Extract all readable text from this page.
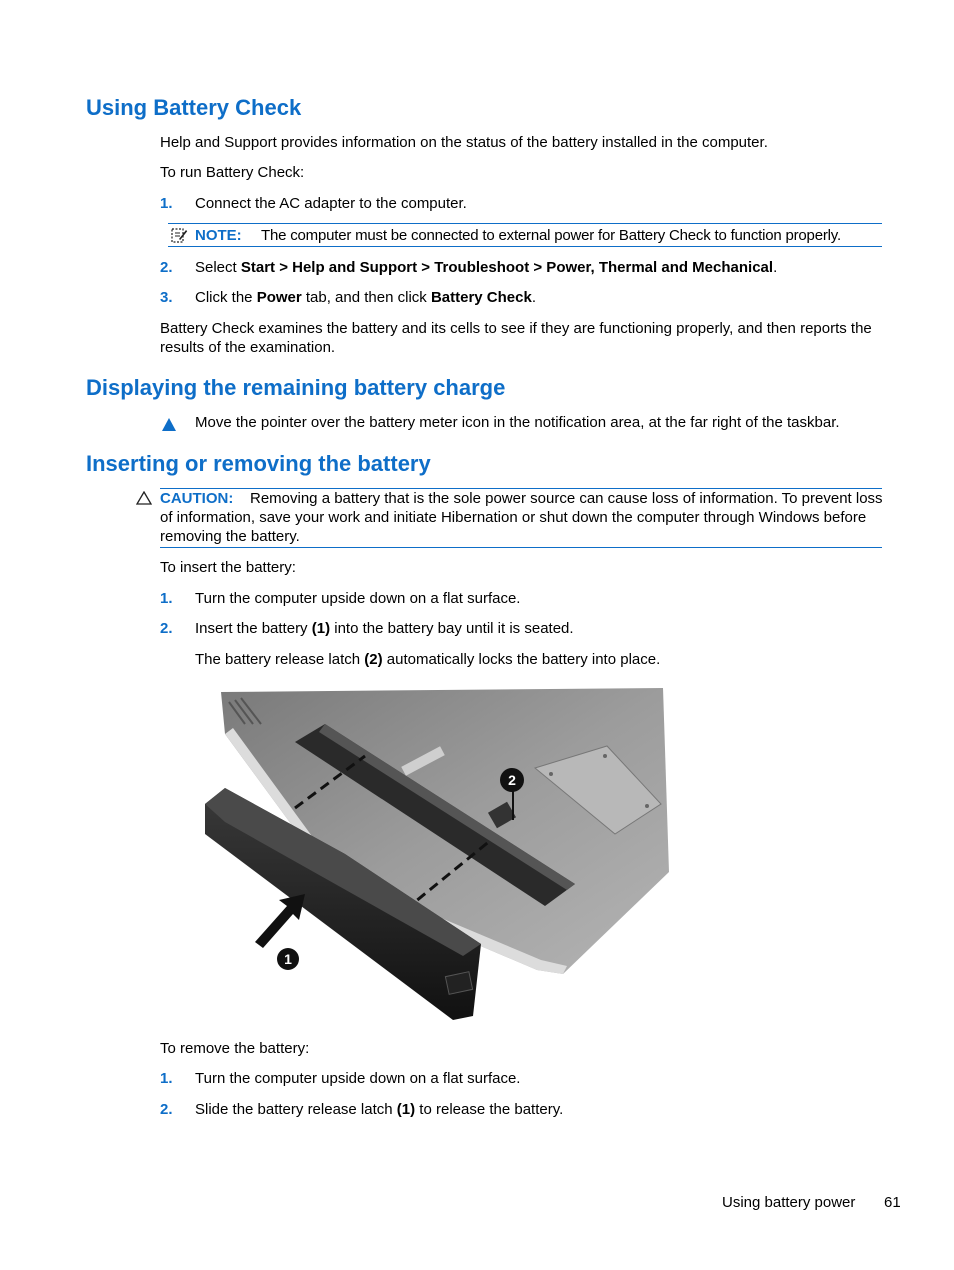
Using Battery Check

Help and Support provides information on the status of the battery installed in the computer.

To run Battery Check:

1. Connect the AC adapter to the computer.

NOTE: The computer must be connected to external power for Battery Check to function properly.
2. Select Start > Help and Support > Troubleshoot > Power, Thermal and Mechanical.

3. Click the Power tab, and then click Battery Check.

Battery Check examines the battery and its cells to see if they are functioning properly, and then reports the results of the examination.

Displaying the remaining battery charge

Move the pointer over the battery meter icon in the notification area, at the far right of the taskbar.

Inserting or removing the battery

CAUTION: Removing a battery that is the sole power source can cause loss of information. To prevent loss of information, save your work and initiate Hibernation or shut down the computer through Windows before removing the battery.

To insert the battery:

1. Turn the computer upside down on a flat surface.

2. Insert the battery (1) into the battery bay until it is seated.

The battery release latch (2) automatically locks the battery into place.

1
2

To remove the battery:

1. Turn the computer upside down on a flat surface.

2. Slide the battery release latch (1) to release the battery.

Using battery power 61
